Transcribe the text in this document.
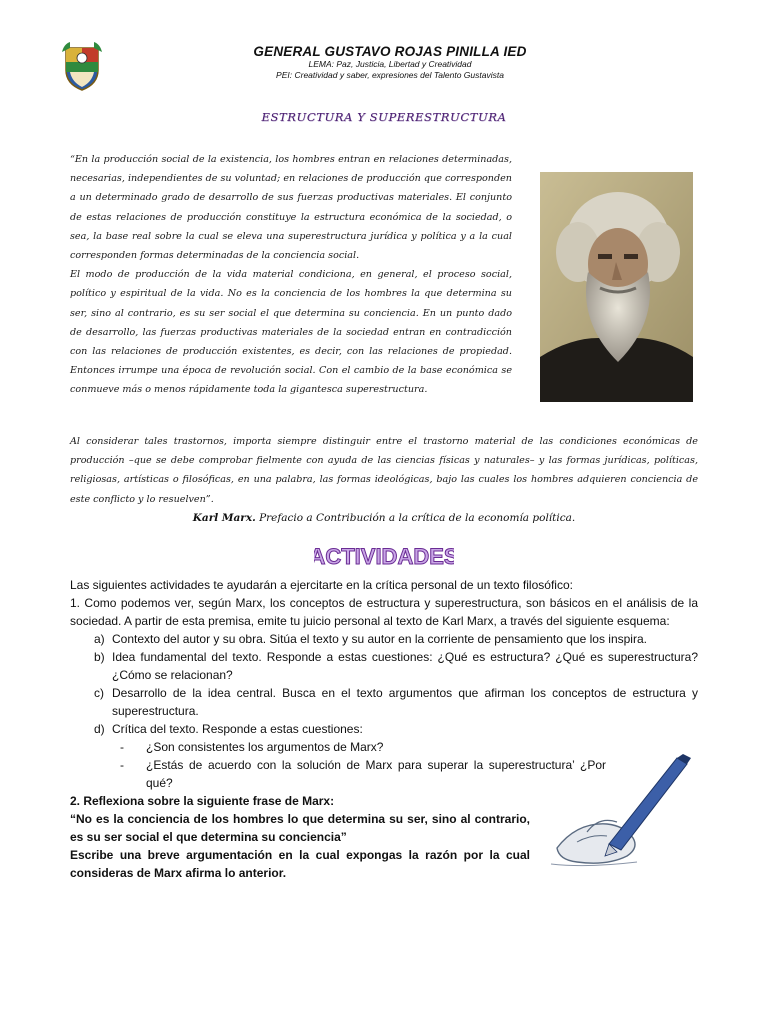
GENERAL GUSTAVO ROJAS PINILLA IED
LEMA: Paz, Justicia, Libertad y Creatividad
PEI: Creatividad y saber, expresiones del Talento Gustavista
ESTRUCTURA Y SUPERESTRUCTURA

“En la producción social de la existencia, los hombres entran en relaciones determinadas, necesarias, independientes de su voluntad; en relaciones de producción que corresponden a un determinado grado de desarrollo de sus fuerzas productivas materiales. El conjunto de estas relaciones de producción constituye la estructura económica de la sociedad, o sea, la base real sobre la cual se eleva una superestructura jurídica y política y a la cual corresponden formas determinadas de la conciencia social.

El modo de producción de la vida material condiciona, en general, el proceso social, político y espiritual de la vida. No es la conciencia de los hombres la que determina su ser, sino al contrario, es su ser social el que determina su conciencia. En un punto dado de desarrollo, las fuerzas productivas materiales de la sociedad entran en contradicción con las relaciones de producción existentes, es decir, con las relaciones de propiedad. Entonces irrumpe una época de revolución social. Con el cambio de la base económica se conmueve más o menos rápidamente toda la gigantesca superestructura.

Al considerar tales trastornos, importa siempre distinguir entre el trastorno material de las condiciones económicas de producción –que se debe comprobar fielmente con ayuda de las ciencias físicas y naturales– y las formas jurídicas, políticas, religiosas, artísticas o filosóficas, en una palabra, las formas ideológicas, bajo las cuales los hombres adquieren conciencia de este conflicto y lo resuelven”.

Karl Marx. Prefacio a Contribución a la crítica de la economía política.
ACTIVIDADES

Las siguientes actividades te ayudarán a ejercitarte en la crítica personal de un texto filosófico:

1. Como podemos ver, según Marx, los conceptos de estructura y superestructura, son básicos en el análisis de la sociedad. A partir de esta premisa, emite tu juicio personal al texto de Karl Marx, a través del siguiente esquema:

a) Contexto del autor y su obra. Sitúa el texto y su autor en la corriente de pensamiento que los inspira.
b) Idea fundamental del texto. Responde a estas cuestiones: ¿Qué es estructura? ¿Qué es superestructura? ¿Cómo se relacionan?
c) Desarrollo de la idea central. Busca en el texto argumentos que afirman los conceptos de estructura y superestructura.
d) Crítica del texto. Responde a estas cuestiones:
- ¿Son consistentes los argumentos de Marx?
- ¿Estás de acuerdo con la solución de Marx para superar la superestructura’ ¿Por qué?

2. Reflexiona sobre la siguiente frase de Marx:

“No es la conciencia de los hombres lo que determina su ser, sino al contrario, es su ser social el que determina su conciencia”

Escribe una breve argumentación en la cual expongas la razón por la cual consideras de Marx afirma lo anterior.
